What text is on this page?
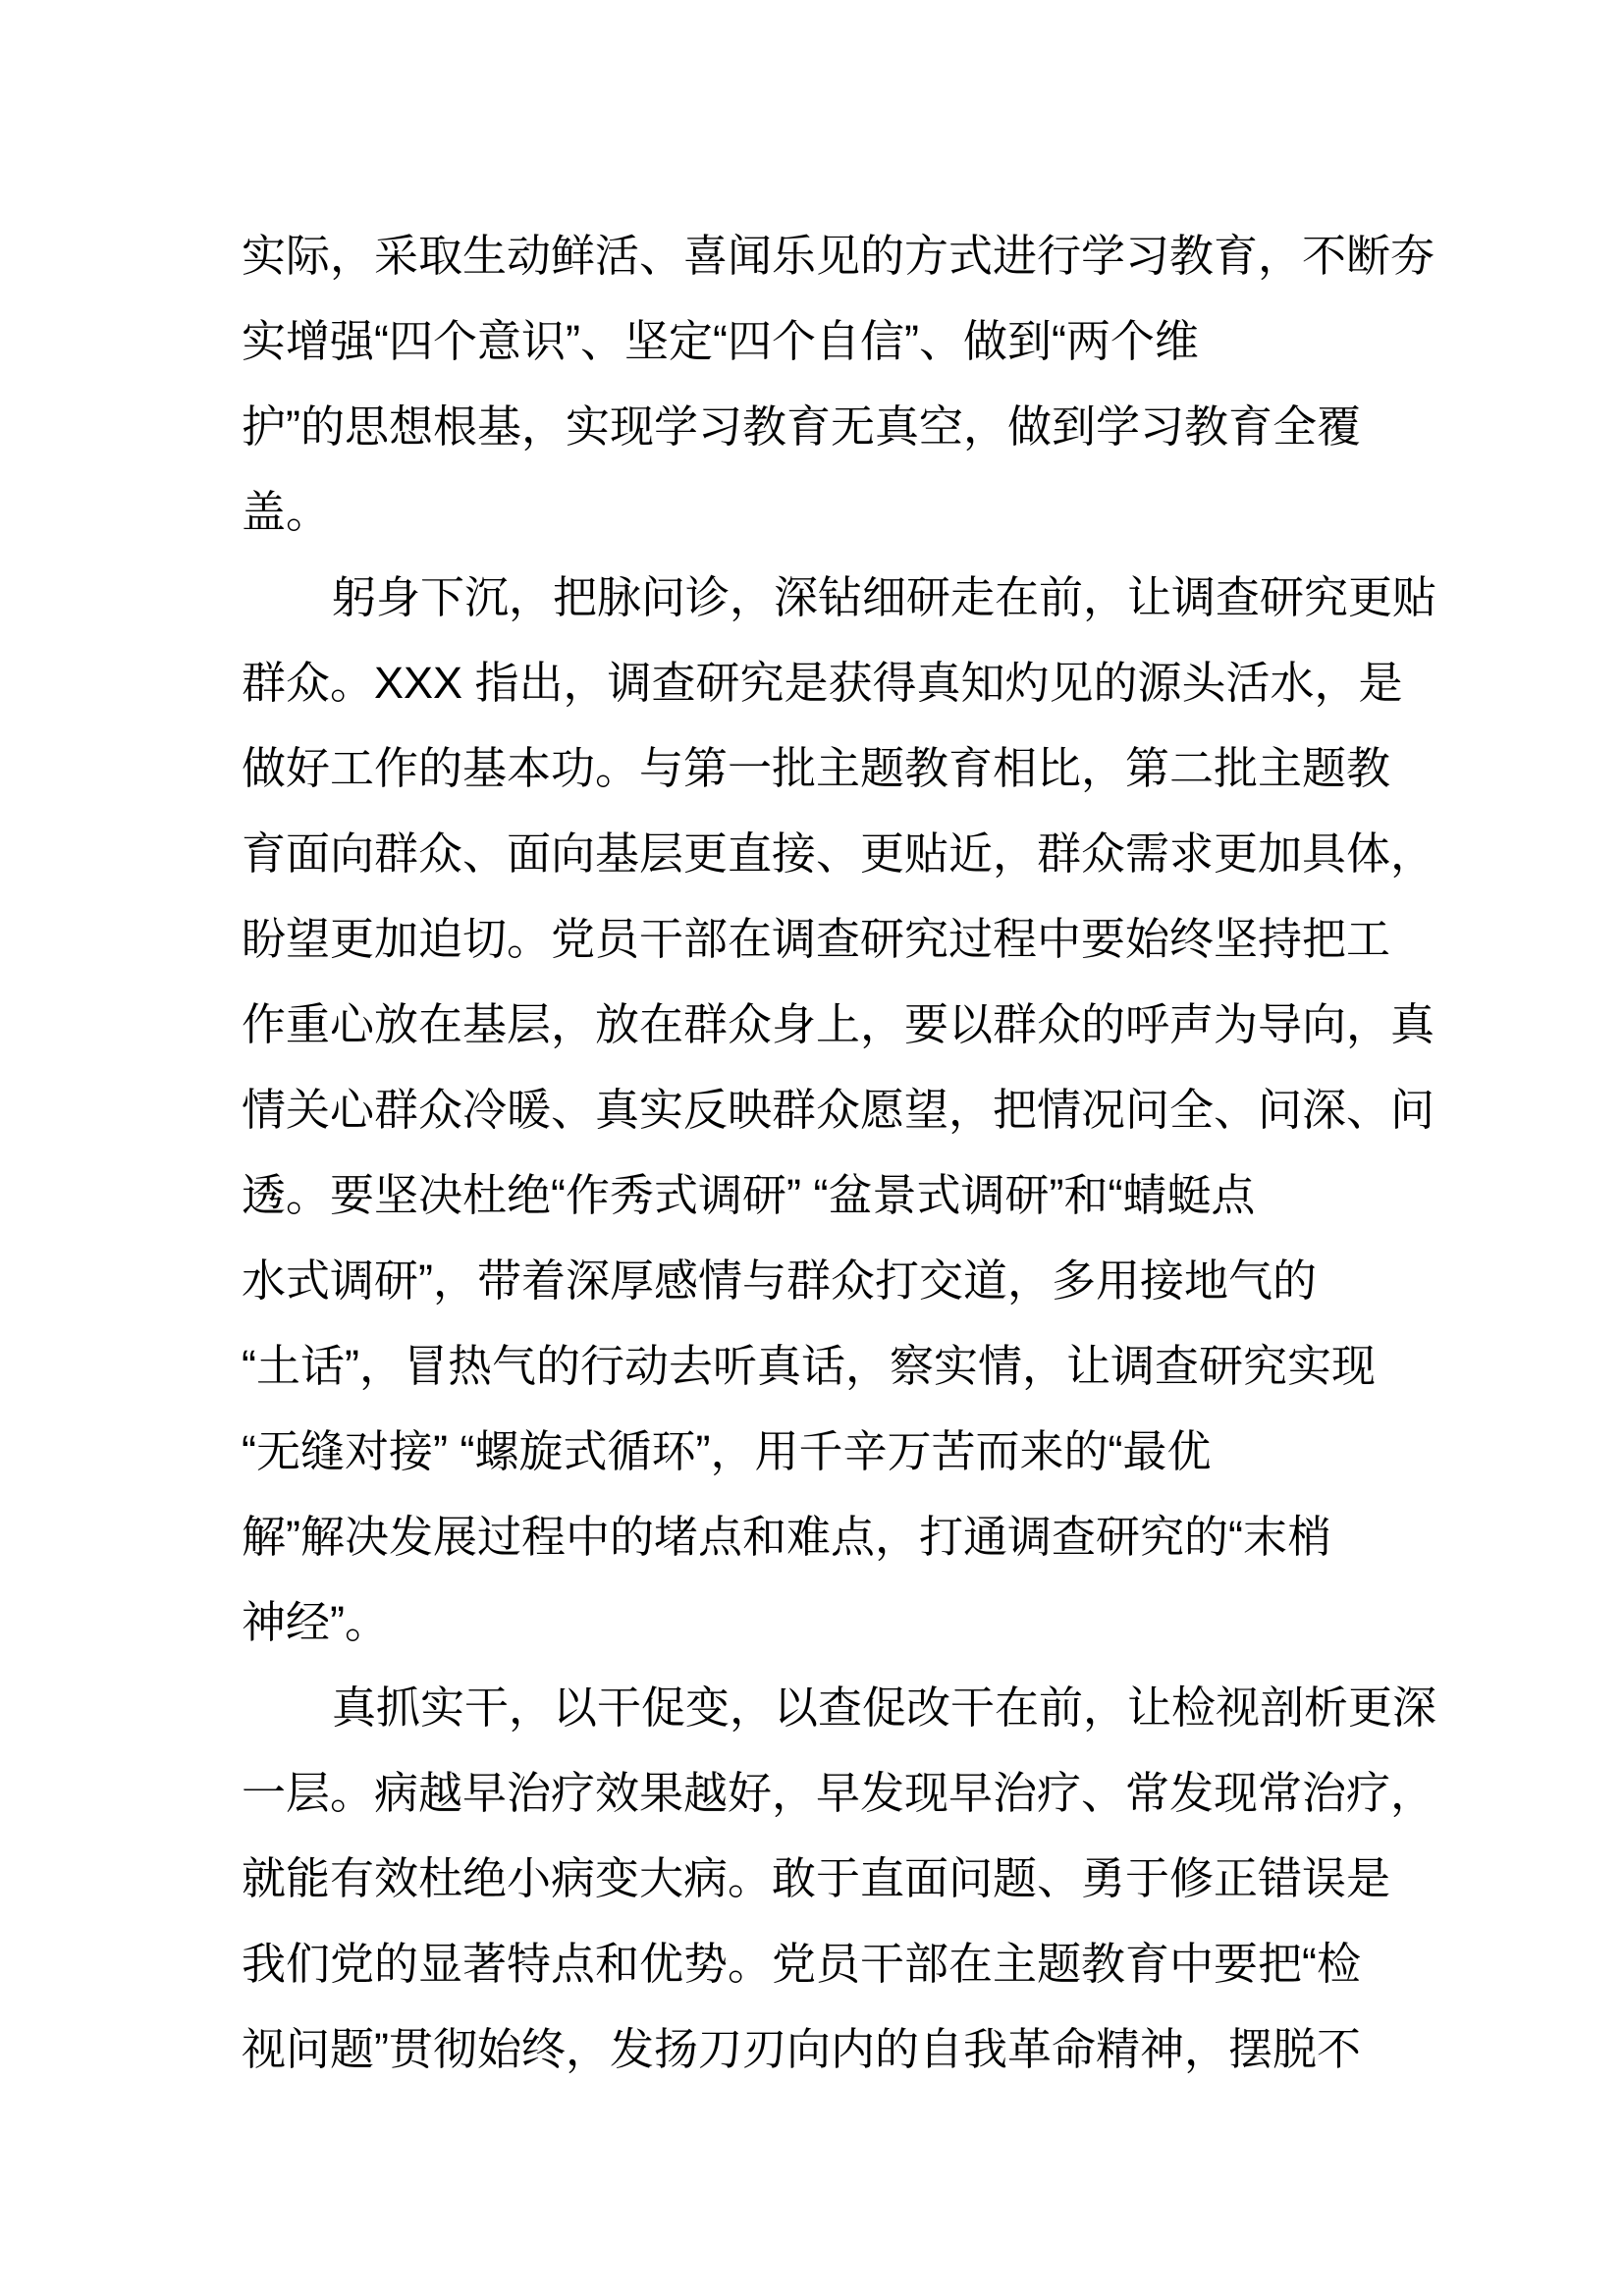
实际，采取生动鲜活、喜闻乐见的方式进行学习教育，不断夯
实增强“四个意识”、坚定“四个自信”、做到“两个维
护”的思想根基，实现学习教育无真空，做到学习教育全覆
盖。
躬身下沉，把脉问诊，深钻细研走在前，让调查研究更贴
群众。XXX 指出，调查研究是获得真知灼见的源头活水，是
做好工作的基本功。与第一批主题教育相比，第二批主题教
育面向群众、面向基层更直接、更贴近，群众需求更加具体，
盼望更加迫切。党员干部在调查研究过程中要始终坚持把工
作重心放在基层，放在群众身上，要以群众的呼声为导向，真
情关心群众冷暖、真实反映群众愿望，把情况问全、问深、问
透。要坚决杜绝“作秀式调研” “盆景式调研”和“蜻蜓点
水式调研”，带着深厚感情与群众打交道，多用接地气的
“土话”，冒热气的行动去听真话，察实情，让调查研究实现
“无缝对接” “螺旋式循环”，用千辛万苦而来的“最优
解”解决发展过程中的堵点和难点，打通调查研究的“末梢
神经”。
真抓实干，以干促变，以查促改干在前，让检视剖析更深
一层。病越早治疗效果越好，早发现早治疗、常发现常治疗，
就能有效杜绝小病变大病。敢于直面问题、勇于修正错误是
我们党的显著特点和优势。党员干部在主题教育中要把“检
视问题”贯彻始终，发扬刀刃向内的自我革命精神，摆脱不
